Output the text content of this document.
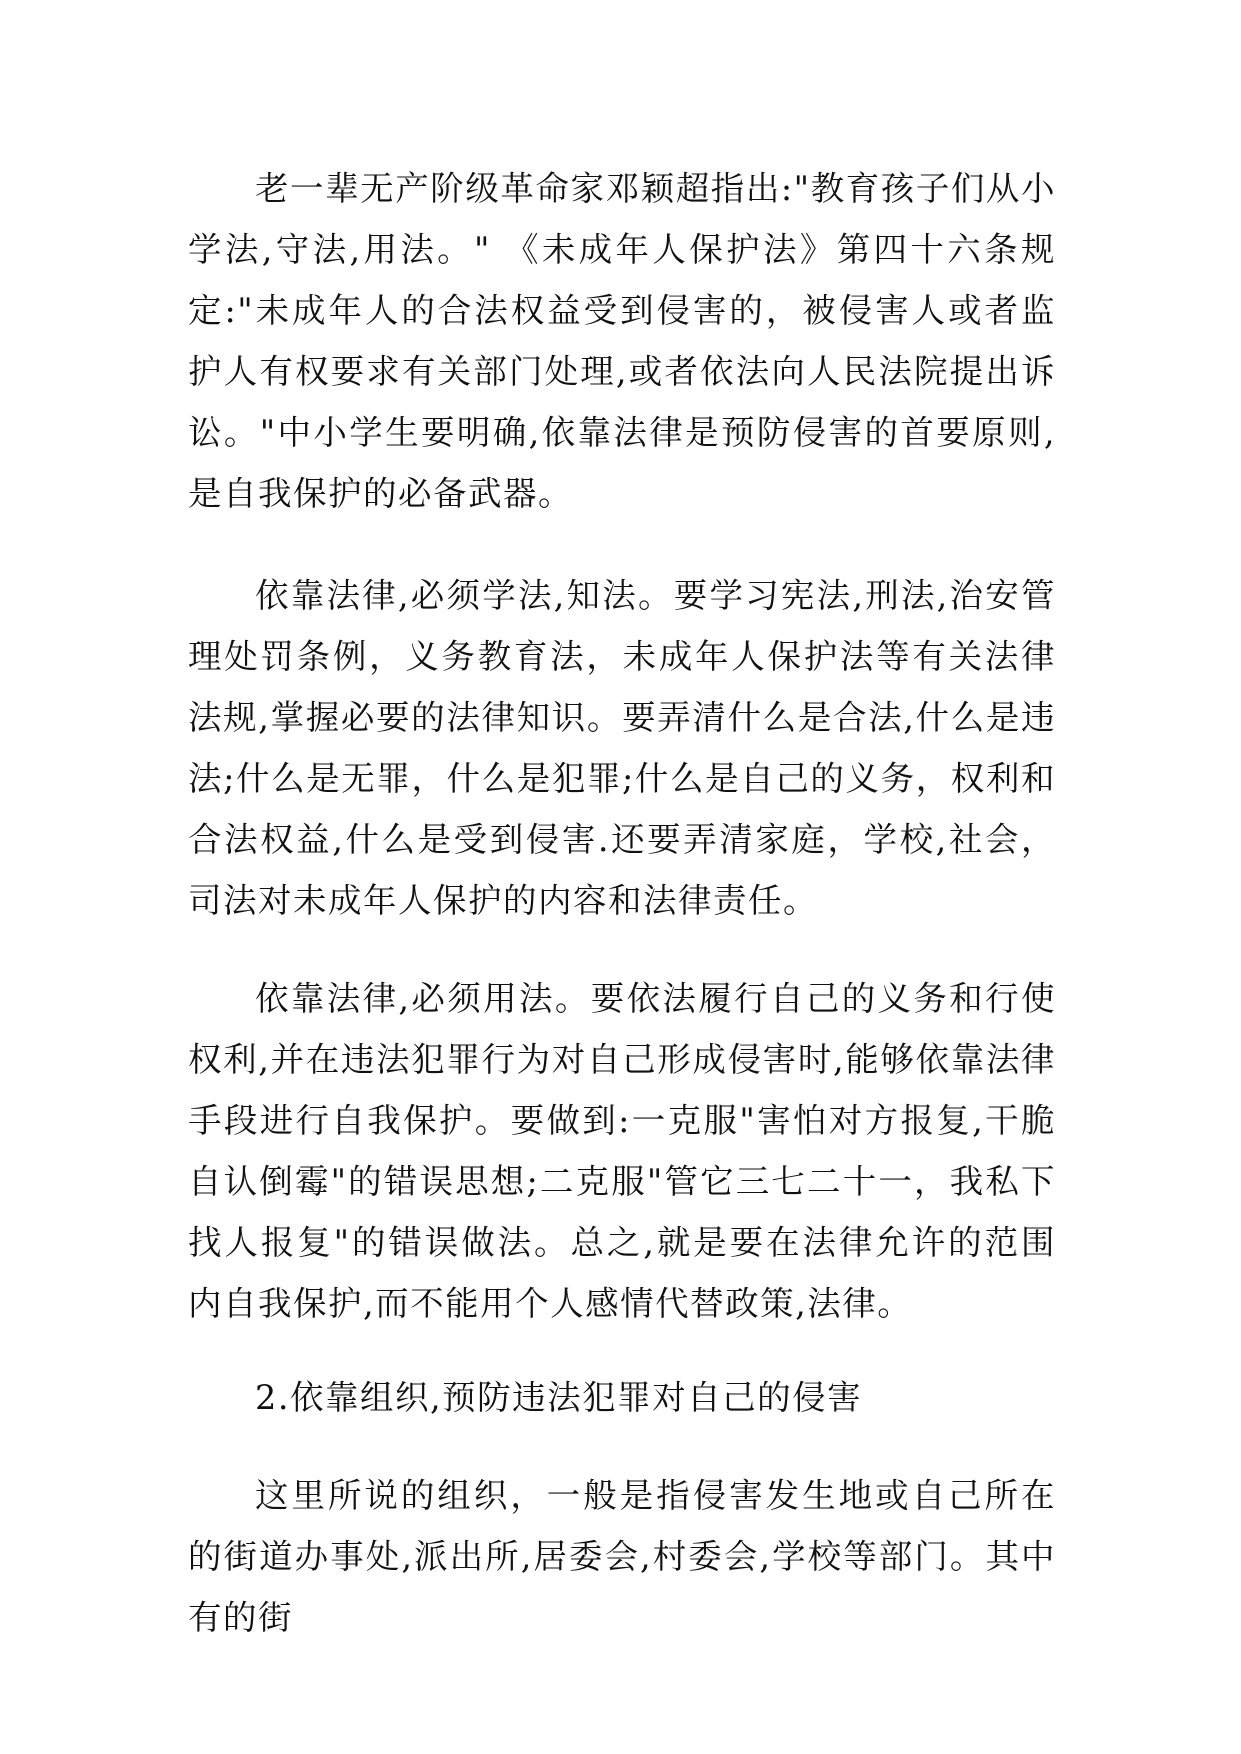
老一辈无产阶级革命家邓颖超指出:"教育孩子们从小学法,守法,用法。" 《未成年人保护法》第四十六条规定:"未成年人的合法权益受到侵害的，被侵害人或者监护人有权要求有关部门处理,或者依法向人民法院提出诉讼。"中小学生要明确,依靠法律是预防侵害的首要原则,是自我保护的必备武器。

依靠法律,必须学法,知法。要学习宪法,刑法,治安管理处罚条例，义务教育法，未成年人保护法等有关法律法规,掌握必要的法律知识。要弄清什么是合法,什么是违法;什么是无罪，什么是犯罪;什么是自己的义务，权利和合法权益,什么是受到侵害.还要弄清家庭，学校,社会，司法对未成年人保护的内容和法律责任。

依靠法律,必须用法。要依法履行自己的义务和行使权利,并在违法犯罪行为对自己形成侵害时,能够依靠法律手段进行自我保护。要做到:一克服"害怕对方报复,干脆自认倒霉"的错误思想;二克服"管它三七二十一，我私下找人报复"的错误做法。总之,就是要在法律允许的范围内自我保护,而不能用个人感情代替政策,法律。

2.依靠组织,预防违法犯罪对自己的侵害

这里所说的组织，一般是指侵害发生地或自己所在的街道办事处,派出所,居委会,村委会,学校等部门。其中有的街
